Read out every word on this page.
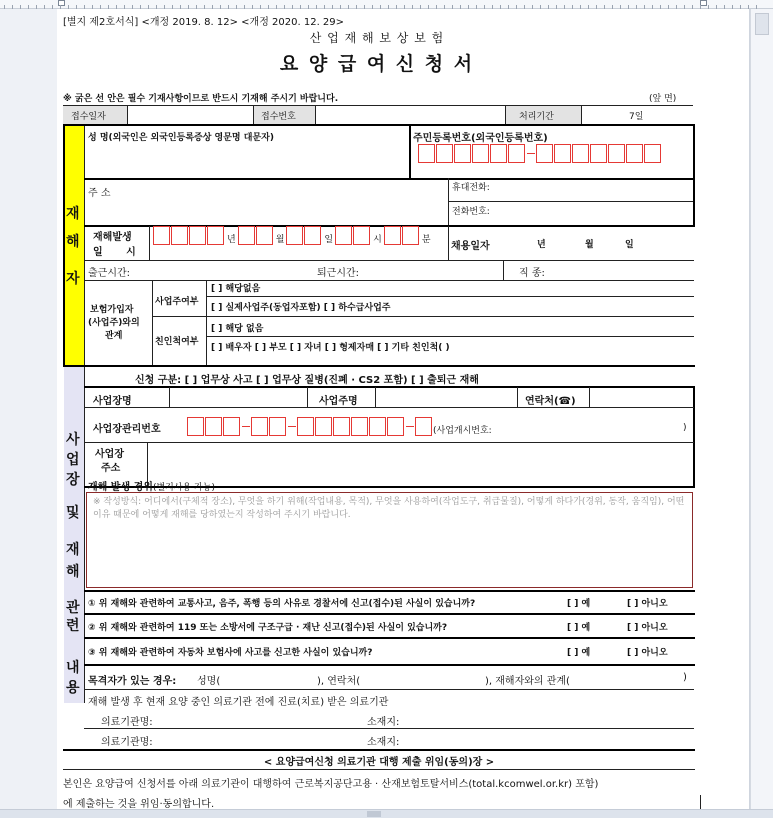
[별지 제2호서식] <개정 2019. 8. 12> <개정 2020. 12. 29>
산 업 재 해 보 상 보 험
요 양 급 여 신 청 서
※ 굵은 선 안은 필수 기재사항이므로 반드시 기재해 주시기 바랍니다.	(앞 면)
접수일자	접수번호	처리기간	7일
재
해
자
성 명(외국인은 외국인등록증상 영문명 대문자)	주민등록번호(외국인등록번호)
주 소	휴대전화:
전화번호:
재해발생
일 시
년	월	일	시	분
채용일자	년	월	일
출근시간:	퇴근시간:	직 종:
보험가입자
(사업주)와의
관계
사업주여부
[ ] 해당없음
[ ] 실제사업주(동업자포함) [ ] 하수급사업주
친인척여부
[ ] 해당 없음
[ ] 배우자 [ ] 부모 [ ] 자녀 [ ] 형제자매 [ ] 기타 친인척( )
사
업
장
및
재
해
관
련
내
용
신청 구분: [ ] 업무상 사고 [ ] 업무상 질병(진폐 · CS2 포함) [ ] 출퇴근 재해
사업장명	사업주명	연락처(☎)
사업장관리번호	(사업개시번호:	)
사업장
주소
재해 발생 경위(별지사용 가능)
※ 작성방식: 어디에서(구체적 장소), 무엇을 하기 위해(작업내용, 목적), 무엇을 사용하여(작업도구, 취급물질), 어떻게 하다가(경위, 동작, 움직임), 어떤 이유 때문에 어떻게 재해를 당하였는지 작성하여 주시기 바랍니다.
① 위 재해와 관련하여 교통사고, 음주, 폭행 등의 사유로 경찰서에 신고(접수)된 사실이 있습니까?	[ ] 예	[ ] 아니오
② 위 재해와 관련하여 119 또는 소방서에 구조구급 · 재난 신고(접수)된 사실이 있습니까?	[ ] 예	[ ] 아니오
③ 위 재해와 관련하여 자동차 보험사에 사고를 신고한 사실이 있습니까?	[ ] 예	[ ] 아니오
목격자가 있는 경우: 성명(	), 연락처(	), 재해자와의 관계(	)
재해 발생 후 현재 요양 중인 의료기관 전에 진료(치료) 받은 의료기관
의료기관명:	소재지:
의료기관명:	소재지:
< 요양급여신청 의료기관 대행 제출 위임(동의)장 >
본인은 요양급여 신청서를 아래 의료기관이 대행하여 근로복지공단고용 · 산재보험토탈서비스(total.kcomwel.or.kr) 포함)
에 제출하는 것을 위임·동의합니다.
